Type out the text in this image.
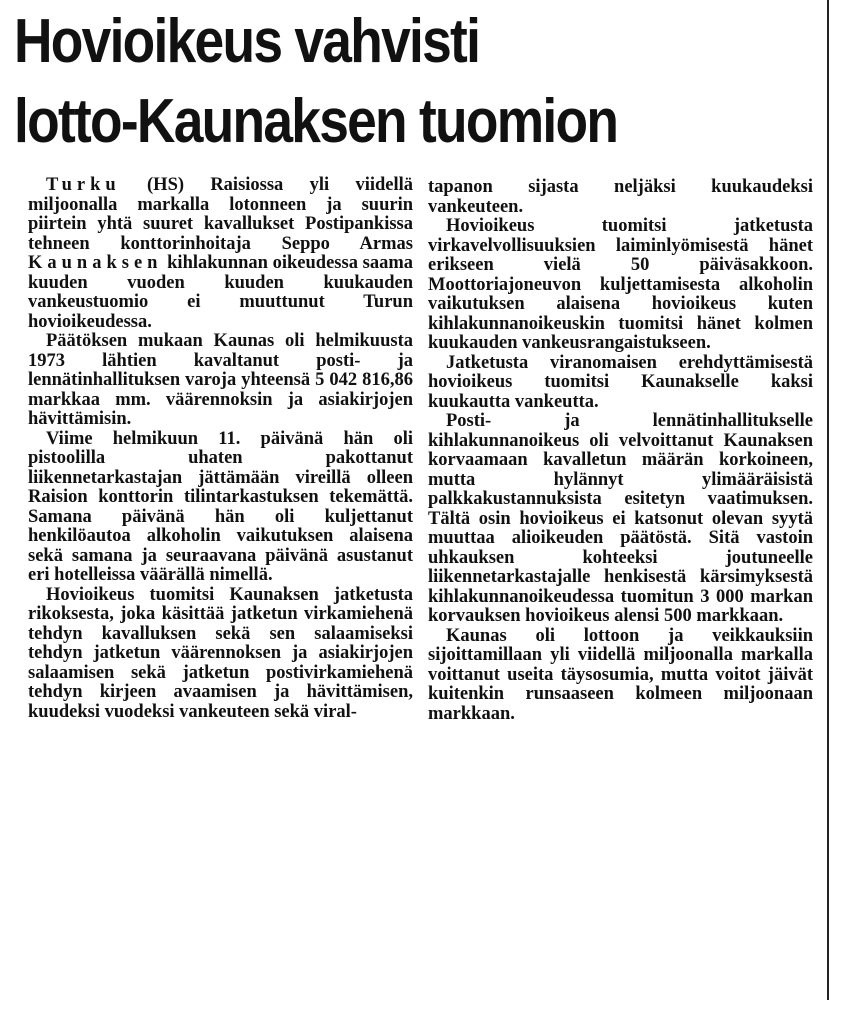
Hovioikeus vahvisti
lotto-Kaunaksen tuomion

Turku (HS) Raisiossa yli viidellä miljoonalla markalla lotonneen ja suurin piirtein yhtä suuret kavallukset Postipankissa tehneen konttorinhoitaja Seppo Armas Kaunaksen kihlakunnan oikeudessa saama kuuden vuoden kuuden kuukauden vankeustuomio ei muuttunut Turun hovioikeudessa.

Päätöksen mukaan Kaunas oli helmikuusta 1973 lähtien kavaltanut posti- ja lennätinhallituksen varoja yhteensä 5 042 816,86 markkaa mm. väärennoksin ja asiakirjojen hävittämisin.

Viime helmikuun 11. päivänä hän oli pistoolilla uhaten pakottanut liikennetarkastajan jättämään vireillä olleen Raision konttorin tilintarkastuksen tekemättä. Samana päivänä hän oli kuljettanut henkilöautoa alkoholin vaikutuksen alaisena sekä samana ja seuraavana päivänä asustanut eri hotelleissa väärällä nimellä.

Hovioikeus tuomitsi Kaunaksen jatketusta rikoksesta, joka käsittää jatketun virkamiehenä tehdyn kavalluksen sekä sen salaamiseksi tehdyn jatketun väärennoksen ja asiakirjojen salaamisen sekä jatketun postivirkamiehenä tehdyn kirjeen avaamisen ja hävittämisen, kuudeksi vuodeksi vankeuteen sekä viral-

tapanon sijasta neljäksi kuukaudeksi vankeuteen.

Hovioikeus tuomitsi jatketusta virkavelvollisuuksien laiminlyömisestä hänet erikseen vielä 50 päiväsakkoon. Moottoriajoneuvon kuljettamisesta alkoholin vaikutuksen alaisena hovioikeus kuten kihlakunnanoikeuskin tuomitsi hänet kolmen kuukauden vankeusrangaistukseen.

Jatketusta viranomaisen erehdyttämisestä hovioikeus tuomitsi Kaunakselle kaksi kuukautta vankeutta.

Posti- ja lennätinhallitukselle kihlakunnanoikeus oli velvoittanut Kaunaksen korvaamaan kavalletun määrän korkoineen, mutta hylännyt ylimääräisistä palkkakustannuksista esitetyn vaatimuksen. Tältä osin hovioikeus ei katsonut olevan syytä muuttaa alioikeuden päätöstä. Sitä vastoin uhkauksen kohteeksi joutuneelle liikennetarkastajalle henkisestä kärsimyksestä kihlakunnanoikeudessa tuomitun 3 000 markan korvauksen hovioikeus alensi 500 markkaan.

Kaunas oli lottoon ja veikkauksiin sijoittamillaan yli viidellä miljoonalla markalla voittanut useita täysosumia, mutta voitot jäivät kuitenkin runsaaseen kolmeen miljoonaan markkaan.
